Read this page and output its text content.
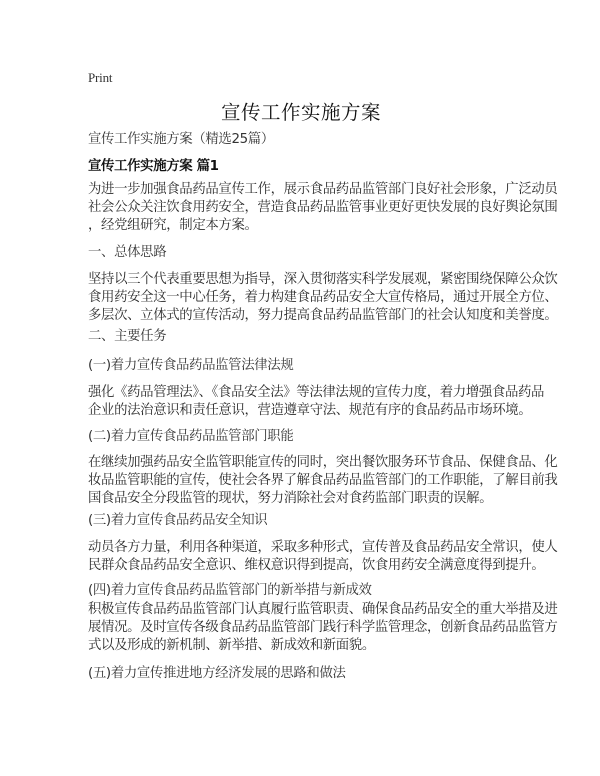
Print
宣传工作实施方案
宣传工作实施方案（精选25篇）
宣传工作实施方案 篇1
为进一步加强食品药品宣传工作，展示食品药品监管部门良好社会形象，广泛动员
社会公众关注饮食用药安全，营造食品药品监管事业更好更快发展的良好舆论氛围
，经党组研究，制定本方案。
一、总体思路
坚持以三个代表重要思想为指导，深入贯彻落实科学发展观，紧密围绕保障公众饮
食用药安全这一中心任务，着力构建食品药品安全大宣传格局，通过开展全方位、
多层次、立体式的宣传活动，努力提高食品药品监管部门的社会认知度和美誉度。
二、主要任务
(一)着力宣传食品药品监管法律法规
强化《药品管理法》、《食品安全法》等法律法规的宣传力度，着力增强食品药品
企业的法治意识和责任意识，营造遵章守法、规范有序的食品药品市场环境。
(二)着力宣传食品药品监管部门职能
在继续加强药品安全监管职能宣传的同时，突出餐饮服务环节食品、保健食品、化
妆品监管职能的宣传，使社会各界了解食品药品监管部门的工作职能，了解目前我
国食品安全分段监管的现状，努力消除社会对食药监部门职责的误解。
(三)着力宣传食品药品安全知识
动员各方力量，利用各种渠道，采取多种形式，宣传普及食品药品安全常识，使人
民群众食品药品安全意识、维权意识得到提高，饮食用药安全满意度得到提升。
(四)着力宣传食品药品监管部门的新举措与新成效
积极宣传食品药品监管部门认真履行监管职责、确保食品药品安全的重大举措及进
展情况。及时宣传各级食品药品监管部门践行科学监管理念，创新食品药品监管方
式以及形成的新机制、新举措、新成效和新面貌。
(五)着力宣传推进地方经济发展的思路和做法
